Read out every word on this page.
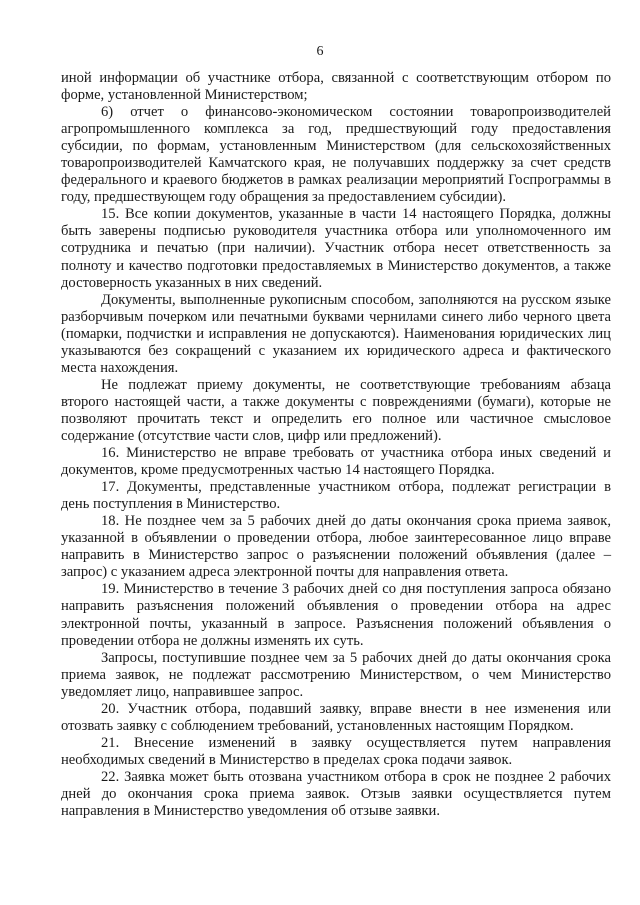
6

иной информации об участнике отбора, связанной с соответствующим отбором по форме, установленной Министерством;

6) отчет о финансово-экономическом состоянии товаропроизводителей агропромышленного комплекса за год, предшествующий году предоставления субсидии, по формам, установленным Министерством (для сельскохозяйственных товаропроизводителей Камчатского края, не получавших поддержку за счет средств федерального и краевого бюджетов в рамках реализации мероприятий Госпрограммы в году, предшествующем году обращения за предоставлением субсидии).

15. Все копии документов, указанные в части 14 настоящего Порядка, должны быть заверены подписью руководителя участника отбора или уполномоченного им сотрудника и печатью (при наличии). Участник отбора несет ответственность за полноту и качество подготовки предоставляемых в Министерство документов, а также достоверность указанных в них сведений.

Документы, выполненные рукописным способом, заполняются на русском языке разборчивым почерком или печатными буквами чернилами синего либо черного цвета (помарки, подчистки и исправления не допускаются). Наименования юридических лиц указываются без сокращений с указанием их юридического адреса и фактического места нахождения.

Не подлежат приему документы, не соответствующие требованиям абзаца второго настоящей части, а также документы с повреждениями (бумаги), которые не позволяют прочитать текст и определить его полное или частичное смысловое содержание (отсутствие части слов, цифр или предложений).

16. Министерство не вправе требовать от участника отбора иных сведений и документов, кроме предусмотренных частью 14 настоящего Порядка.

17. Документы, представленные участником отбора, подлежат регистрации в день поступления в Министерство.

18. Не позднее чем за 5 рабочих дней до даты окончания срока приема заявок, указанной в объявлении о проведении отбора, любое заинтересованное лицо вправе направить в Министерство запрос о разъяснении положений объявления (далее – запрос) с указанием адреса электронной почты для направления ответа.

19. Министерство в течение 3 рабочих дней со дня поступления запроса обязано направить разъяснения положений объявления о проведении отбора на адрес электронной почты, указанный в запросе. Разъяснения положений объявления о проведении отбора не должны изменять их суть.

Запросы, поступившие позднее чем за 5 рабочих дней до даты окончания срока приема заявок, не подлежат рассмотрению Министерством, о чем Министерство уведомляет лицо, направившее запрос.

20. Участник отбора, подавший заявку, вправе внести в нее изменения или отозвать заявку с соблюдением требований, установленных настоящим Порядком.

21. Внесение изменений в заявку осуществляется путем направления необходимых сведений в Министерство в пределах срока подачи заявок.

22. Заявка может быть отозвана участником отбора в срок не позднее 2 рабочих дней до окончания срока приема заявок. Отзыв заявки осуществляется путем направления в Министерство уведомления об отзыве заявки.
